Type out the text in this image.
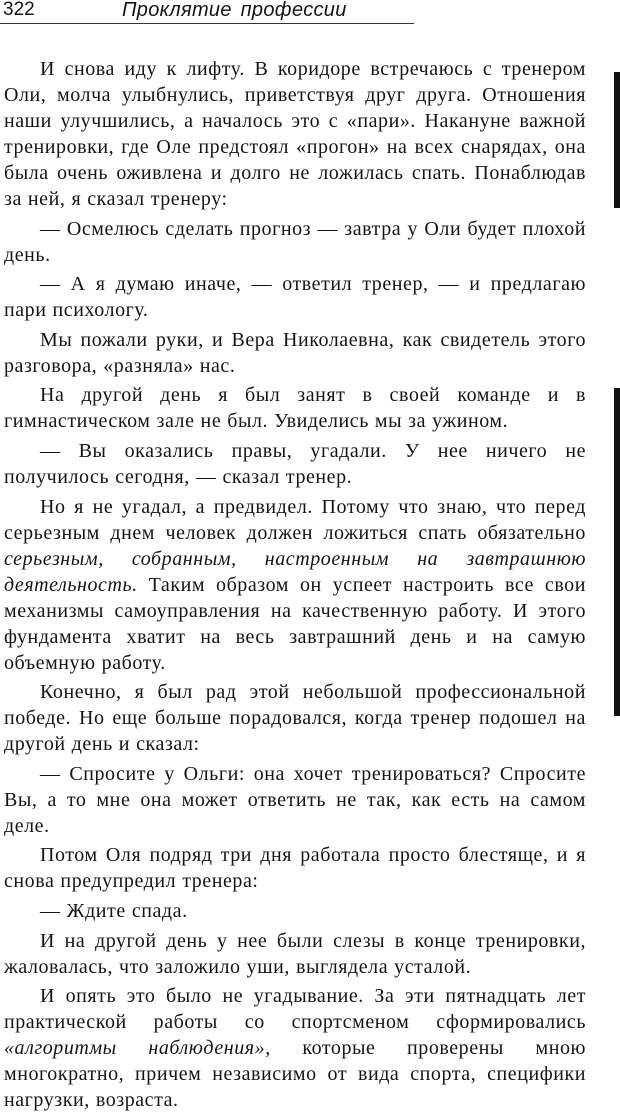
322	Проклятие профессии

И снова иду к лифту. В коридоре встречаюсь с тренером Оли, молча улыбнулись, приветствуя друг друга. Отношения наши улучшились, а началось это с «пари». Накануне важной тренировки, где Оле предстоял «прогон» на всех снарядах, она была очень оживлена и долго не ложилась спать. Понаблюдав за ней, я сказал тренеру:

— Осмелюсь сделать прогноз — завтра у Оли будет плохой день.

— А я думаю иначе, — ответил тренер, — и предлагаю пари психологу.

Мы пожали руки, и Вера Николаевна, как свидетель этого разговора, «разняла» нас.

На другой день я был занят в своей команде и в гимнастическом зале не был. Увиделись мы за ужином.

— Вы оказались правы, угадали. У нее ничего не получилось сегодня, — сказал тренер.

Но я не угадал, а предвидел. Потому что знаю, что перед серьезным днем человек должен ложиться спать обязательно серьезным, собранным, настроенным на завтрашнюю деятельность. Таким образом он успеет настроить все свои механизмы самоуправления на качественную работу. И этого фундамента хватит на весь завтрашний день и на самую объемную работу.

Конечно, я был рад этой небольшой профессиональной победе. Но еще больше порадовался, когда тренер подошел на другой день и сказал:

— Спросите у Ольги: она хочет тренироваться? Спросите Вы, а то мне она может ответить не так, как есть на самом деле.

Потом Оля подряд три дня работала просто блестяще, и я снова предупредил тренера:

— Ждите спада.

И на другой день у нее были слезы в конце тренировки, жаловалась, что заложило уши, выглядела усталой.

И опять это было не угадывание. За эти пятнадцать лет практической работы со спортсменом сформировались «алгоритмы наблюдения», которые проверены мною многократно, причем независимо от вида спорта, специфики нагрузки, возраста.
